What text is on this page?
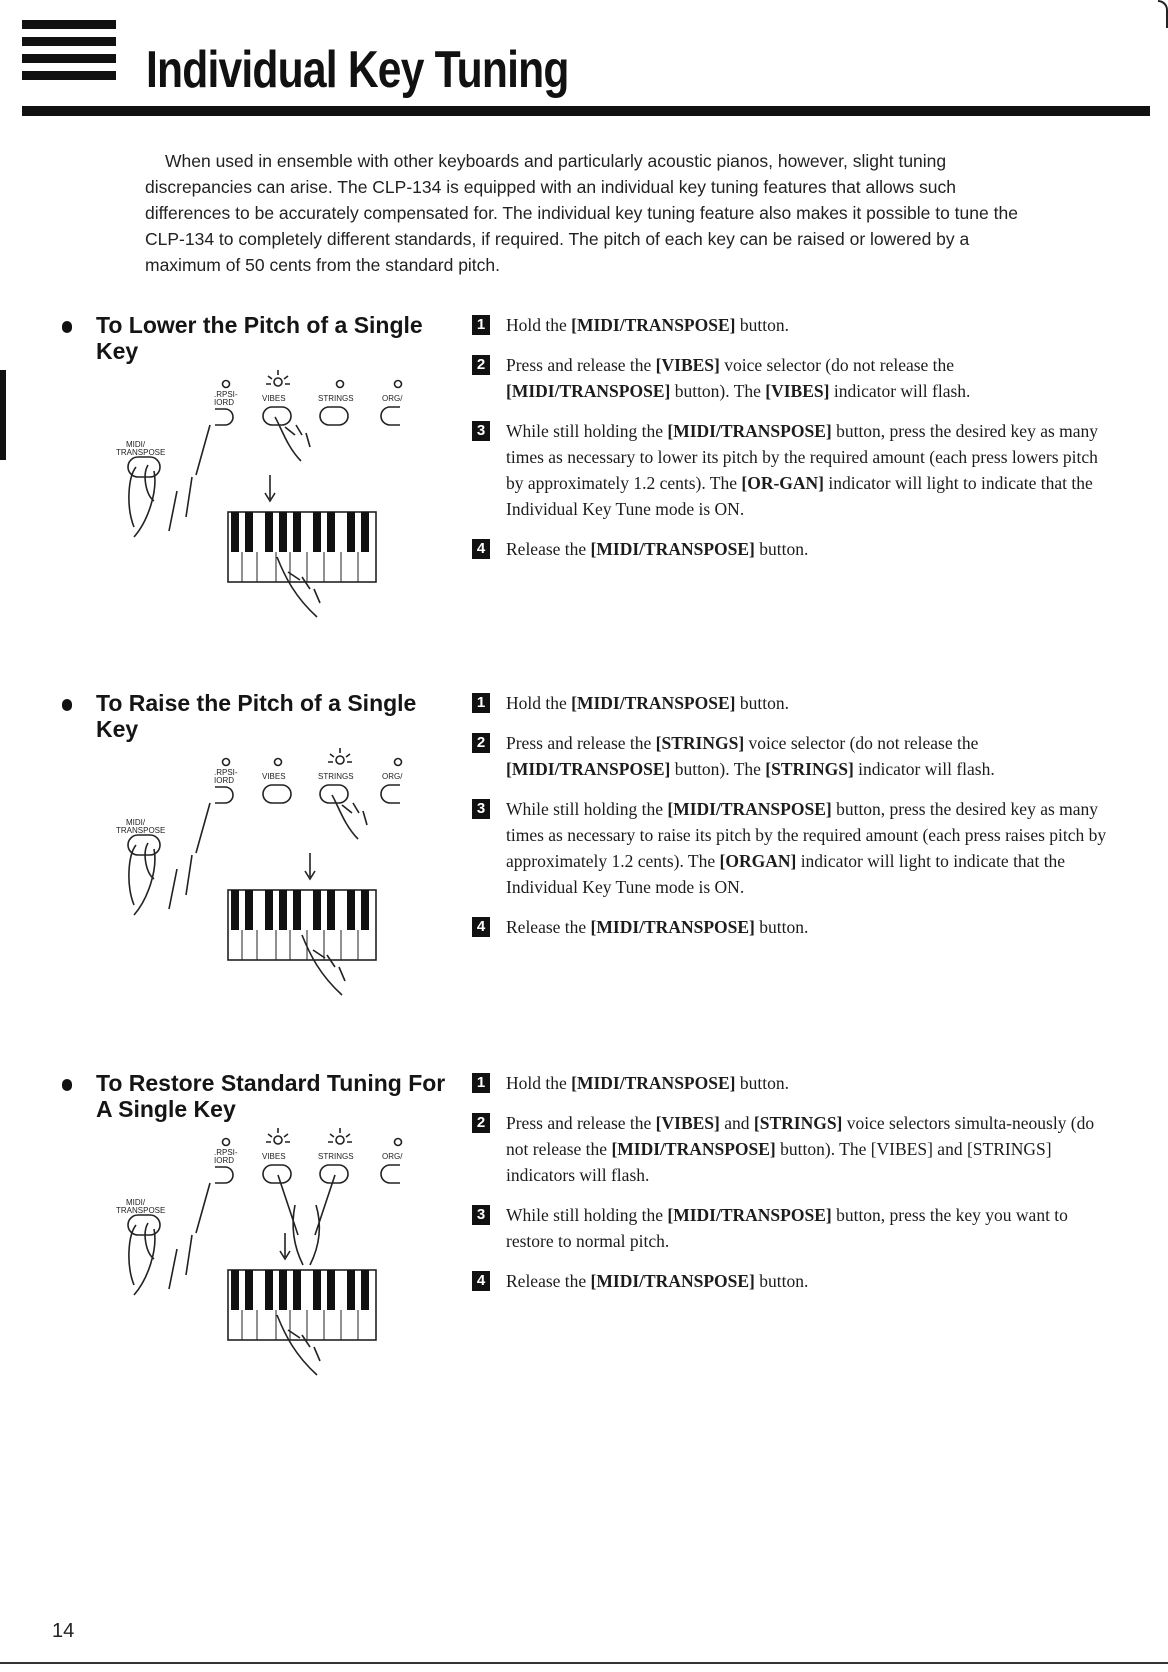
Individual Key Tuning

When used in ensemble with other keyboards and particularly acoustic pianos, however, slight tuning discrepancies can arise. The CLP-134 is equipped with an individual key tuning features that allows such differences to be accurately compensated for. The individual key tuning feature also makes it possible to tune the CLP-134 to completely different standards, if required. The pitch of each key can be raised or lowered by a maximum of 50 cents from the standard pitch.

To Lower the Pitch of a Single Key
.RPSI-
IORD	VIBES	STRINGS	ORG/
MIDI/
TRANSPOSE
1 Hold the [MIDI/TRANSPOSE] button.
2 Press and release the [VIBES] voice selector (do not release the [MIDI/TRANSPOSE] button). The [VIBES] indicator will flash.
3 While still holding the [MIDI/TRANSPOSE] button, press the desired key as many times as necessary to lower its pitch by the required amount (each press lowers pitch by approximately 1.2 cents). The [OR-GAN] indicator will light to indicate that the Individual Key Tune mode is ON.
4 Release the [MIDI/TRANSPOSE] button.
To Raise the Pitch of a Single Key
.RPSI-
IORD	VIBES	STRINGS	ORG/
MIDI/
TRANSPOSE
1 Hold the [MIDI/TRANSPOSE] button.
2 Press and release the [STRINGS] voice selector (do not release the [MIDI/TRANSPOSE] button). The [STRINGS] indicator will flash.
3 While still holding the [MIDI/TRANSPOSE] button, press the desired key as many times as necessary to raise its pitch by the required amount (each press raises pitch by approximately 1.2 cents). The [ORGAN] indicator will light to indicate that the Individual Key Tune mode is ON.
4 Release the [MIDI/TRANSPOSE] button.
To Restore Standard Tuning For A Single Key
.RPSI-
IORD	VIBES	STRINGS	ORG/
MIDI/
TRANSPOSE
1 Hold the [MIDI/TRANSPOSE] button.
2 Press and release the [VIBES] and [STRINGS] voice selectors simulta-neously (do not release the [MIDI/TRANSPOSE] button). The [VIBES] and [STRINGS] indicators will flash.
3 While still holding the [MIDI/TRANSPOSE] button, press the key you want to restore to normal pitch.
4 Release the [MIDI/TRANSPOSE] button.
14
